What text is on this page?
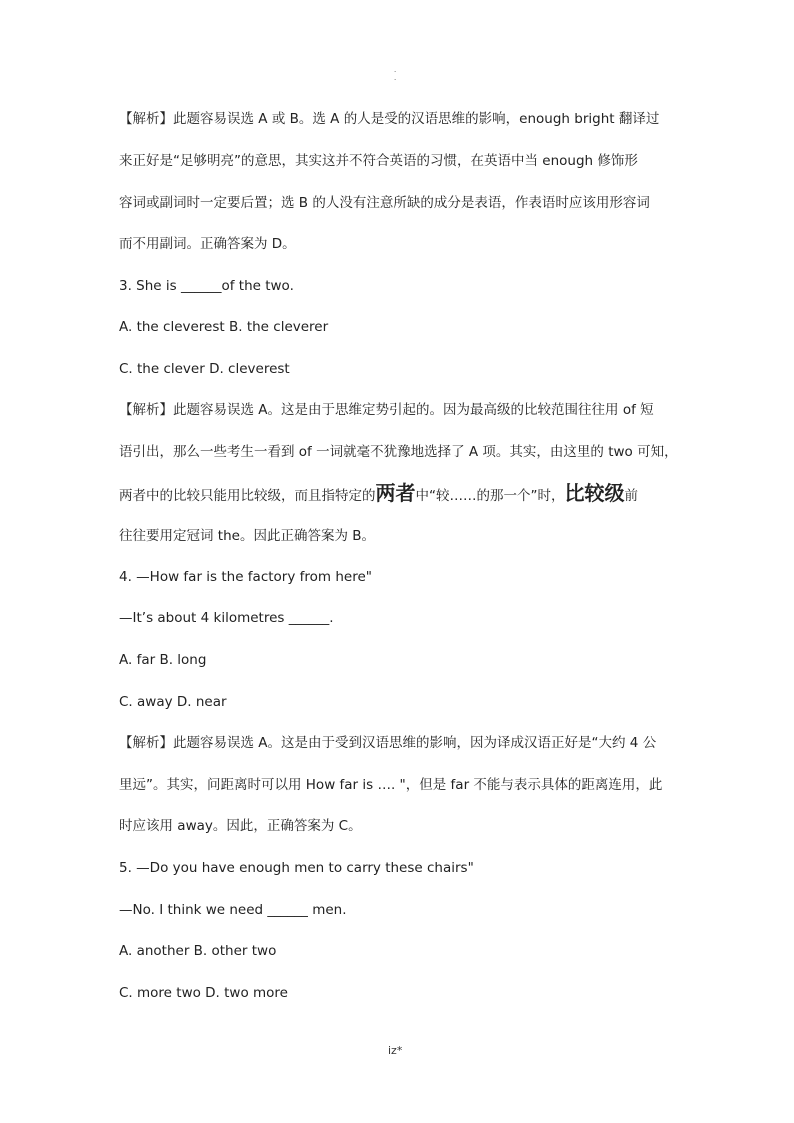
.
.
【解析】此题容易误选 A 或 B。选 A 的人是受的汉语思维的影响，enough bright 翻译过
来正好是“足够明亮”的意思，其实这并不符合英语的习惯，在英语中当 enough 修饰形
容词或副词时一定要后置；选 B 的人没有注意所缺的成分是表语，作表语时应该用形容词
而不用副词。正确答案为 D。
3. She is ______of the two.
A. the cleverest B. the cleverer
C. the clever D. cleverest
【解析】此题容易误选 A。这是由于思维定势引起的。因为最高级的比较范围往往用 of 短
语引出，那么一些考生一看到 of 一词就毫不犹豫地选择了 A 项。其实，由这里的 two 可知，
两者中的比较只能用比较级，而且指特定的两者中“较……的那一个”时，比较级前
往往要用定冠词 the。因此正确答案为 B。
4. —How far is the factory from here"
—It’s about 4 kilometres ______.
A. far B. long
C. away D. near
【解析】此题容易误选 A。这是由于受到汉语思维的影响，因为译成汉语正好是“大约 4 公
里远”。其实，问距离时可以用 How far is …. "，但是 far 不能与表示具体的距离连用，此
时应该用 away。因此，正确答案为 C。
5. —Do you have enough men to carry these chairs"
—No. I think we need ______ men.
A. another B. other two
C. more two D. two more
iz*
